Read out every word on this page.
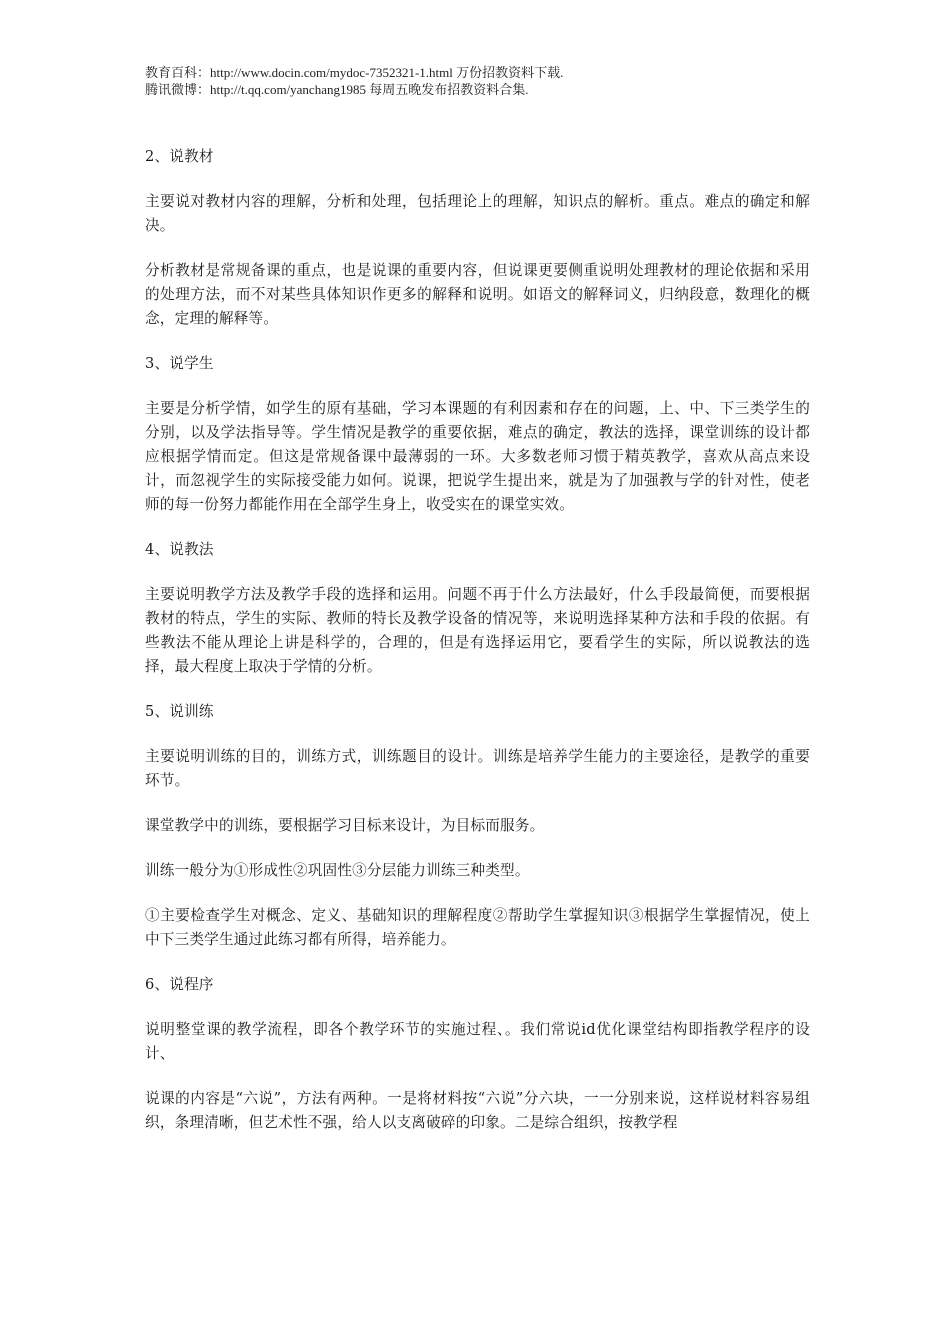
教育百科：http://www.docin.com/mydoc-7352321-1.html 万份招教资料下载.
腾讯微博：http://t.qq.com/yanchang1985 每周五晚发布招教资料合集.
2、说教材
主要说对教材内容的理解，分析和处理，包括理论上的理解，知识点的解析。重点。难点的确定和解决。
分析教材是常规备课的重点，也是说课的重要内容，但说课更要侧重说明处理教材的理论依据和采用的处理方法，而不对某些具体知识作更多的解释和说明。如语文的解释词义，归纳段意，数理化的概念，定理的解释等。
3、说学生
主要是分析学情，如学生的原有基础，学习本课题的有利因素和存在的问题，上、中、下三类学生的分别，以及学法指导等。学生情况是教学的重要依据，难点的确定，教法的选择，课堂训练的设计都应根据学情而定。但这是常规备课中最薄弱的一环。大多数老师习惯于精英教学，喜欢从高点来设计，而忽视学生的实际接受能力如何。说课，把说学生提出来，就是为了加强教与学的针对性，使老师的每一份努力都能作用在全部学生身上，收受实在的课堂实效。
4、说教法
主要说明教学方法及教学手段的选择和运用。问题不再于什么方法最好，什么手段最简便，而要根据教材的特点，学生的实际、教师的特长及教学设备的情况等，来说明选择某种方法和手段的依据。有些教法不能从理论上讲是科学的，合理的，但是有选择运用它，要看学生的实际，所以说教法的选择，最大程度上取决于学情的分析。
5、说训练
主要说明训练的目的，训练方式，训练题目的设计。训练是培养学生能力的主要途径，是教学的重要环节。
课堂教学中的训练，要根据学习目标来设计，为目标而服务。
训练一般分为①形成性②巩固性③分层能力训练三种类型。
①主要检查学生对概念、定义、基础知识的理解程度②帮助学生掌握知识③根据学生掌握情况，使上中下三类学生通过此练习都有所得，培养能力。
6、说程序
说明整堂课的教学流程，即各个教学环节的实施过程、。我们常说id优化课堂结构即指教学程序的设计、
说课的内容是“六说”，方法有两种。一是将材料按“六说”分六块，一一分别来说，这样说材料容易组织，条理清晰，但艺术性不强，给人以支离破碎的印象。二是综合组织，按教学程
